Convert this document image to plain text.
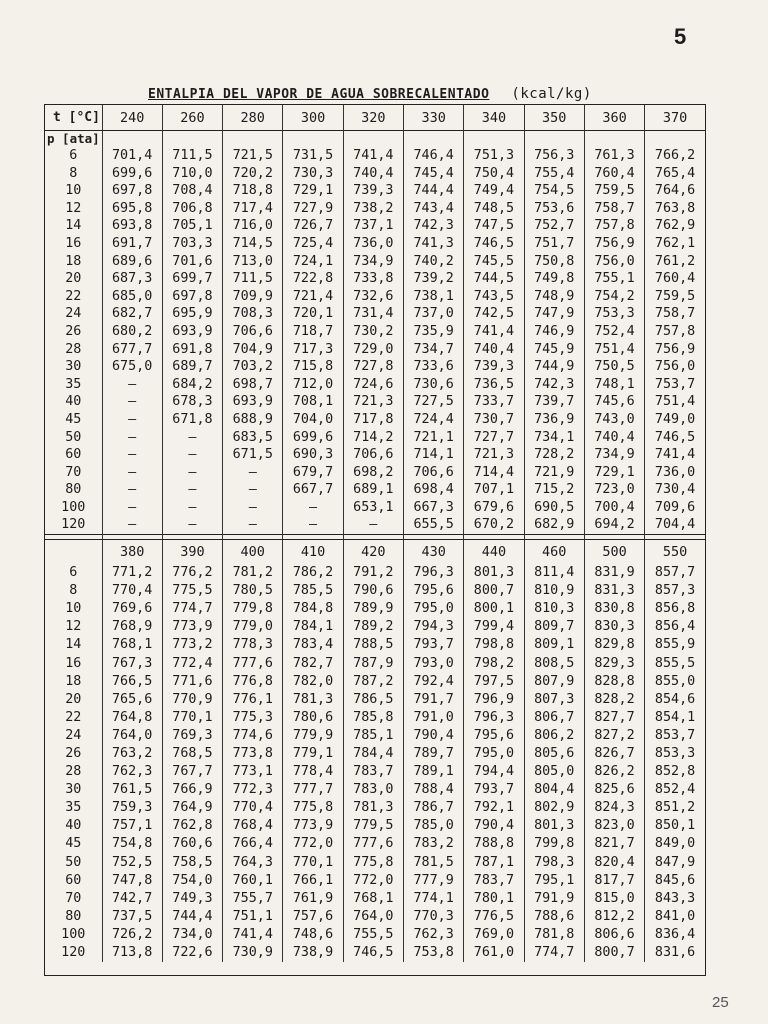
5
ENTALPIA DEL VAPOR DE AGUA SOBRECALENTADO (kcal/kg)
t [°C]	240	260	280	300	320	330	340	350	360	370
p [ata]										
6	701,4	711,5	721,5	731,5	741,4	746,4	751,3	756,3	761,3	766,2
8	699,6	710,0	720,2	730,3	740,4	745,4	750,4	755,4	760,4	765,4
10	697,8	708,4	718,8	729,1	739,3	744,4	749,4	754,5	759,5	764,6
12	695,8	706,8	717,4	727,9	738,2	743,4	748,5	753,6	758,7	763,8
14	693,8	705,1	716,0	726,7	737,1	742,3	747,5	752,7	757,8	762,9
16	691,7	703,3	714,5	725,4	736,0	741,3	746,5	751,7	756,9	762,1
18	689,6	701,6	713,0	724,1	734,9	740,2	745,5	750,8	756,0	761,2
20	687,3	699,7	711,5	722,8	733,8	739,2	744,5	749,8	755,1	760,4
22	685,0	697,8	709,9	721,4	732,6	738,1	743,5	748,9	754,2	759,5
24	682,7	695,9	708,3	720,1	731,4	737,0	742,5	747,9	753,3	758,7
26	680,2	693,9	706,6	718,7	730,2	735,9	741,4	746,9	752,4	757,8
28	677,7	691,8	704,9	717,3	729,0	734,7	740,4	745,9	751,4	756,9
30	675,0	689,7	703,2	715,8	727,8	733,6	739,3	744,9	750,5	756,0
35	–	684,2	698,7	712,0	724,6	730,6	736,5	742,3	748,1	753,7
40	–	678,3	693,9	708,1	721,3	727,5	733,7	739,7	745,6	751,4
45	–	671,8	688,9	704,0	717,8	724,4	730,7	736,9	743,0	749,0
50	–	–	683,5	699,6	714,2	721,1	727,7	734,1	740,4	746,5
60	–	–	671,5	690,3	706,6	714,1	721,3	728,2	734,9	741,4
70	–	–	–	679,7	698,2	706,6	714,4	721,9	729,1	736,0
80	–	–	–	667,7	689,1	698,4	707,1	715,2	723,0	730,4
100	–	–	–	–	653,1	667,3	679,6	690,5	700,4	709,6
120	–	–	–	–	–	655,5	670,2	682,9	694,2	704,4

	380	390	400	410	420	430	440	460	500	550
6	771,2	776,2	781,2	786,2	791,2	796,3	801,3	811,4	831,9	857,7
8	770,4	775,5	780,5	785,5	790,6	795,6	800,7	810,9	831,3	857,3
10	769,6	774,7	779,8	784,8	789,9	795,0	800,1	810,3	830,8	856,8
12	768,9	773,9	779,0	784,1	789,2	794,3	799,4	809,7	830,3	856,4
14	768,1	773,2	778,3	783,4	788,5	793,7	798,8	809,1	829,8	855,9
16	767,3	772,4	777,6	782,7	787,9	793,0	798,2	808,5	829,3	855,5
18	766,5	771,6	776,8	782,0	787,2	792,4	797,5	807,9	828,8	855,0
20	765,6	770,9	776,1	781,3	786,5	791,7	796,9	807,3	828,2	854,6
22	764,8	770,1	775,3	780,6	785,8	791,0	796,3	806,7	827,7	854,1
24	764,0	769,3	774,6	779,9	785,1	790,4	795,6	806,2	827,2	853,7
26	763,2	768,5	773,8	779,1	784,4	789,7	795,0	805,6	826,7	853,3
28	762,3	767,7	773,1	778,4	783,7	789,1	794,4	805,0	826,2	852,8
30	761,5	766,9	772,3	777,7	783,0	788,4	793,7	804,4	825,6	852,4
35	759,3	764,9	770,4	775,8	781,3	786,7	792,1	802,9	824,3	851,2
40	757,1	762,8	768,4	773,9	779,5	785,0	790,4	801,3	823,0	850,1
45	754,8	760,6	766,4	772,0	777,6	783,2	788,8	799,8	821,7	849,0
50	752,5	758,5	764,3	770,1	775,8	781,5	787,1	798,3	820,4	847,9
60	747,8	754,0	760,1	766,1	772,0	777,9	783,7	795,1	817,7	845,6
70	742,7	749,3	755,7	761,9	768,1	774,1	780,1	791,9	815,0	843,3
80	737,5	744,4	751,1	757,6	764,0	770,3	776,5	788,6	812,2	841,0
100	726,2	734,0	741,4	748,6	755,5	762,3	769,0	781,8	806,6	836,4
120	713,8	722,6	730,9	738,9	746,5	753,8	761,0	774,7	800,7	831,6
25
